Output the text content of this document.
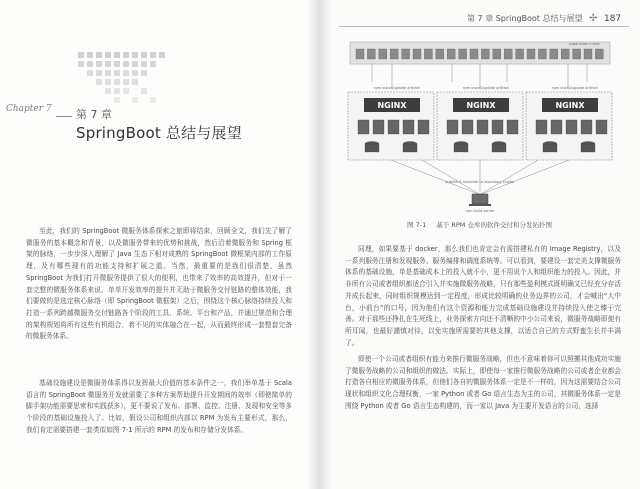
Chapter 7 第 7 章
SpringBoot 总结与展望

至此，我们的 SpringBoot 微服务体系探索之旅即将结束，回顾全文，我们先了解了微服务的基本概念和背景，以及微服务带来的优势和挑战，然后沿着微服务和 Spring 框架的脉络，一步步深入理解了 Java 生态下相对成熟的 SpringBoot 微框架内部的工作原理，及有哪些现有的功能支持和扩展之道。当然，最重要的是我们很清楚，虽然 SpringBoot 为我们打开微服务提供了很大的便利，也带来了效率的高效提升，但对于一套完整的微服务体系来说，单单开发效率的提升并无助于微服务交付链路的整体效能，我们要做的是选定核心脉络（即 SpringBoot 微框架）之后，围绕这个核心脉络持续投入和打造一系列跨越微服务交付链路各个阶段的工具、系统、平台和产品，并通过规范和合理的架构规划将所有这些有机组合、着不见的实体融合在一起，从而最终形成一套整套完备的微服务体系。

基础设施建设是微服务体系得以发挥最大价值的基本条件之一，我们举单基于 Scala 语言的 SpringBoot 微服务开发就需要了多种方案帮助提升开发期间的效率（即使简单的脚手架功能需要思索和实践获多），更不要说了发布、部署、监控、注册、发现和安全等多个阶段的基础设施投入了。比如，假设公司和组织内部以 RPM 为发布主要形式，那么，我们肯定需要搭建一套类似如图 7-1 所示的 RPM 的发布和存储分发体系。

第 7 章 SpringBoot 总结与展望 ✢ 187
production mirror
rpm install/update artifact
NGINX
rpm
rpm install/update artifact
NGINX
rpm
rpm install/update artifact
NGINX
rpm
publish & replicate to repository cluster
rpm build server
图 7-1 基于 RPM 仓库的软件交付和分发拓扑图

同理，如果要基于 docker，那么我们也肯定会有需搭建私有的 Image Registry，以及一系列服务注册和发现服务、服务编排和调度系统等。可以看到，要建设一套完美支撑微服务体系的基础设施，单是基础成本上的投入就不小，更不用说个人和组织能力的投入。因此，并非所有公司或者组织都适合引入并实施微服务战略，只有那些盈利模式既明确又已经充分存活并成长起来，同时组织规模达到一定程度，形成比较明确的业务边界的公司，才会喊出“大中台，小前台”的口号，因为他们有这个资源和能力完成基础设施建设并持续投入使之臻于完善。对于那些还挣扎在生死线上，业务探索方向还不清晰的中小公司来说，微服务战略即便有所耳闻，也最好謹慎对待，以免实施所需要的其他支撑，以适合自己的方式野蛮生长并丰满了。

即使一个公司或者组织有能力来推行微服务战略，但也不意味着你可以照搬其他成功实施了微服务战略的公司和组织的做法。实际上，即使每一家推行微服务战略的公司或者企业都会打造各自相应的微服务体系，但他们各自的微服务体系一定是不一样的，因为这需要结合公司现状和组织文化合理权衡，一家 Python 或者 Go 语言生态为主的公司，其微服务体系一定是围绕 Python 或者 Go 语言生态构建的，而一家以 Java 为主要开发语言的公司，选择
